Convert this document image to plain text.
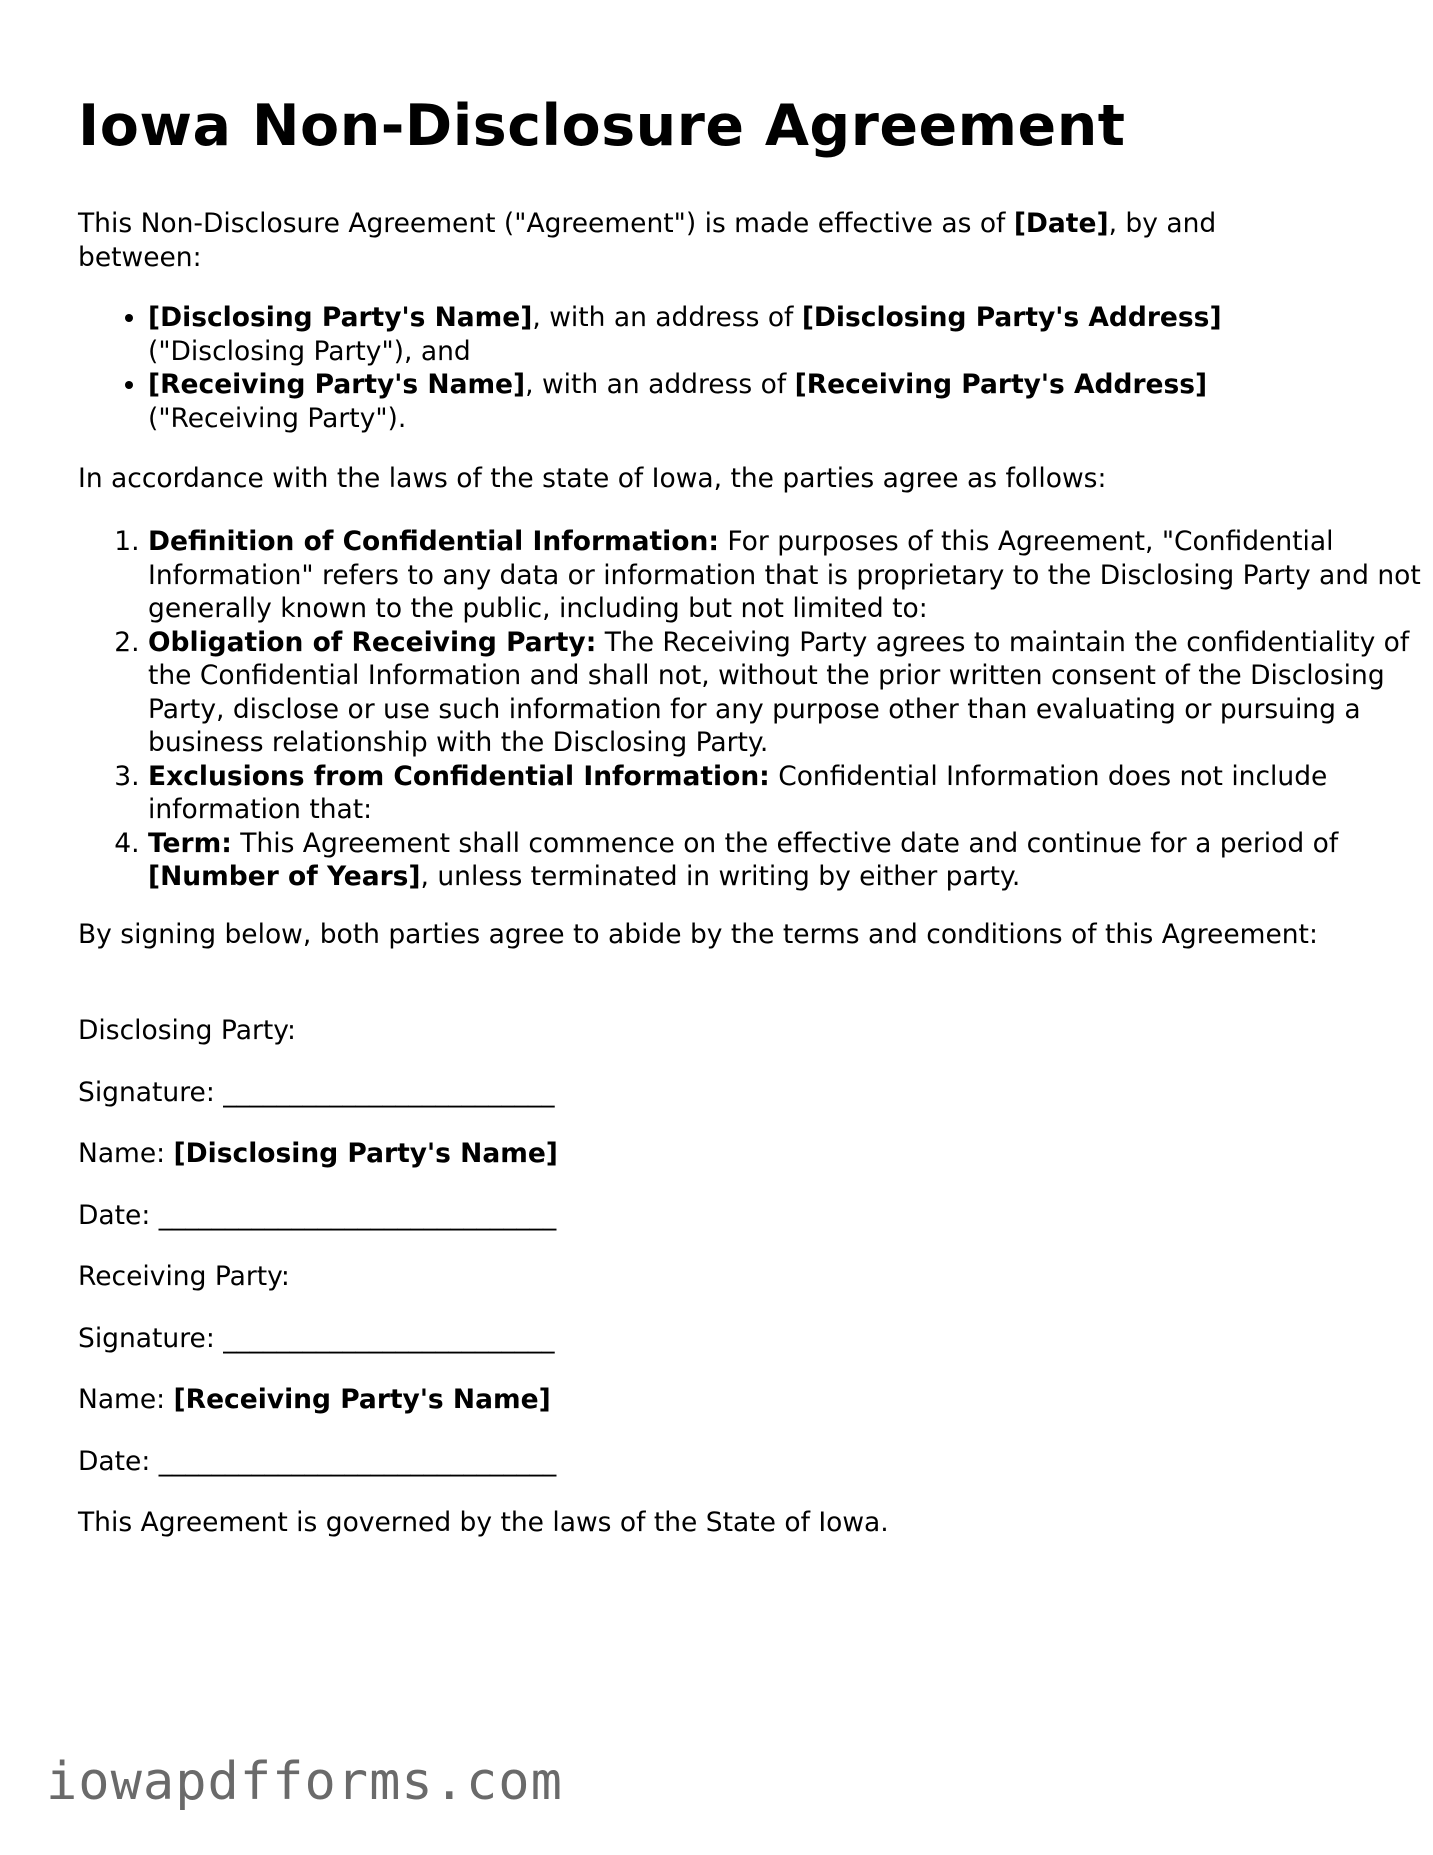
Iowa Non-Disclosure Agreement

This Non-Disclosure Agreement ("Agreement") is made effective as of [Date], by and between:

• [Disclosing Party's Name], with an address of [Disclosing Party's Address] ("Disclosing Party"), and
• [Receiving Party's Name], with an address of [Receiving Party's Address] ("Receiving Party").

In accordance with the laws of the state of Iowa, the parties agree as follows:

1. Definition of Confidential Information: For purposes of this Agreement, "Confidential Information" refers to any data or information that is proprietary to the Disclosing Party and not generally known to the public, including but not limited to:
2. Obligation of Receiving Party: The Receiving Party agrees to maintain the confidentiality of the Confidential Information and shall not, without the prior written consent of the Disclosing Party, disclose or use such information for any purpose other than evaluating or pursuing a business relationship with the Disclosing Party.
3. Exclusions from Confidential Information: Confidential Information does not include information that:
4. Term: This Agreement shall commence on the effective date and continue for a period of [Number of Years], unless terminated in writing by either party.

By signing below, both parties agree to abide by the terms and conditions of this Agreement:

Disclosing Party:

Signature: _________________________

Name: [Disclosing Party's Name]

Date: ______________________________

Receiving Party:

Signature: _________________________

Name: [Receiving Party's Name]

Date: ______________________________

This Agreement is governed by the laws of the State of Iowa.

iowapdfforms.com
